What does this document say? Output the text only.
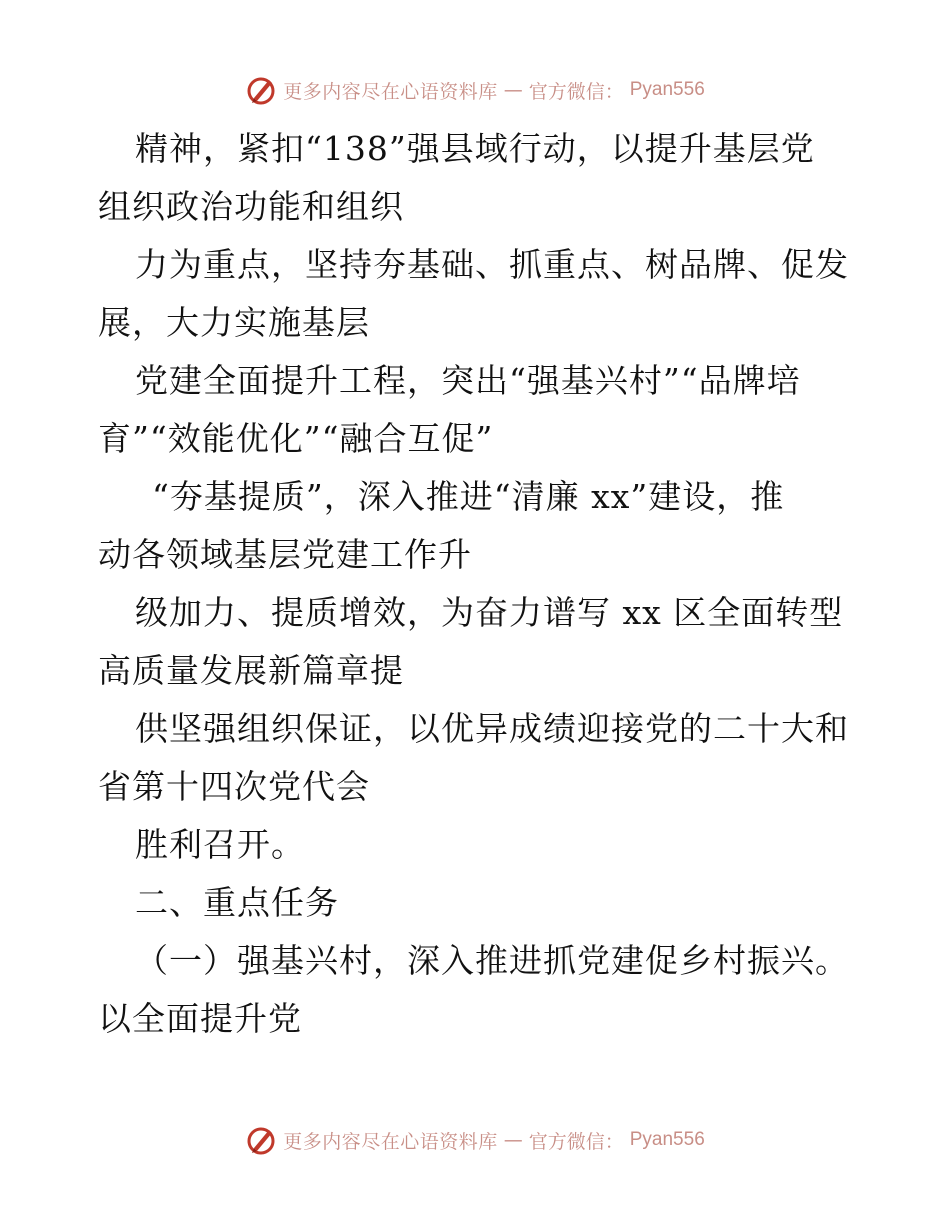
更多内容尽在心语资料库 — 官方微信： Pyan556
精神，紧扣“138”强县域行动，以提升基层党
组织政治功能和组织
力为重点，坚持夯基础、抓重点、树品牌、促发
展，大力实施基层
党建全面提升工程，突出“强基兴村”“品牌培
育”“效能优化”“融合互促”
“夯基提质”，深入推进“清廉 xx”建设，推
动各领域基层党建工作升
级加力、提质增效，为奋力谱写 xx 区全面转型
高质量发展新篇章提
供坚强组织保证，以优异成绩迎接党的二十大和
省第十四次党代会
胜利召开。
二、重点任务
（一）强基兴村，深入推进抓党建促乡村振兴。
以全面提升党
更多内容尽在心语资料库 — 官方微信： Pyan556
